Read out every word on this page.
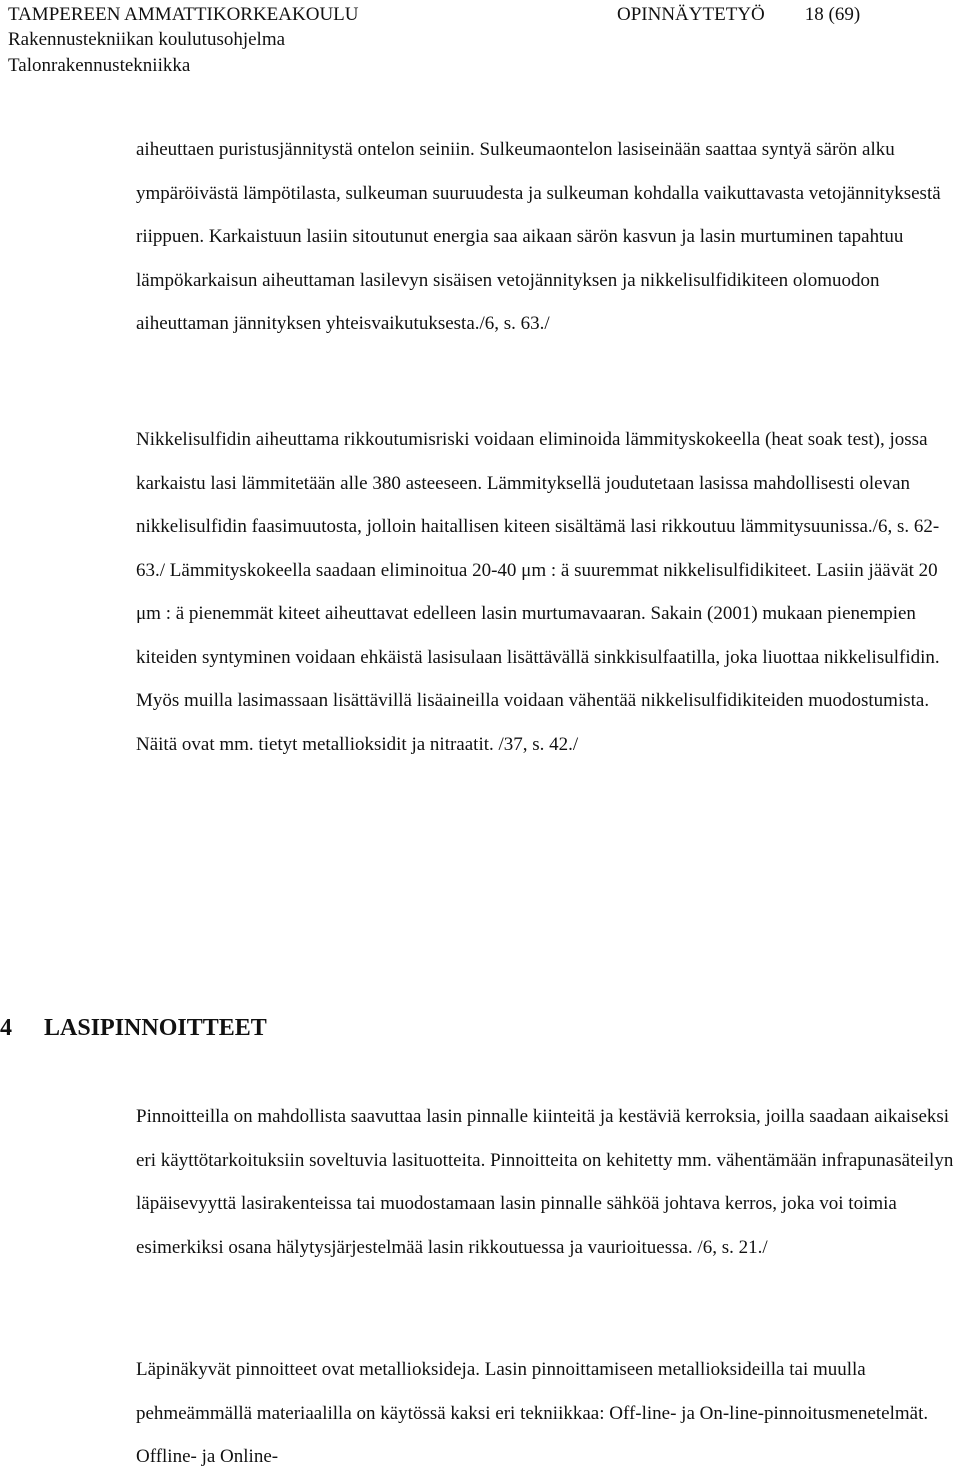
TAMPEREEN AMMATTIKORKEAKOULU	OPINNÄYTETYÖ 18 (69)
Rakennustekniikan koulutusohjelma
Talonrakennustekniikka

aiheuttaen puristusjännitystä ontelon seiniin. Sulkeumaontelon lasiseinään saattaa syntyä särön alku ympäröivästä lämpötilasta, sulkeuman suuruudesta ja sulkeuman kohdalla vaikuttavasta vetojännityksestä riippuen. Karkaistuun lasiin sitoutunut energia saa aikaan särön kasvun ja lasin murtuminen tapahtuu lämpökarkaisun aiheuttaman lasilevyn sisäisen vetojännityksen ja nikkelisulfidikiteen olomuodon aiheuttaman jännityksen yhteisvaikutuksesta./6, s. 63./

Nikkelisulfidin aiheuttama rikkoutumisriski voidaan eliminoida lämmityskokeella (heat soak test), jossa karkaistu lasi lämmitetään alle 380 asteeseen. Lämmityksellä joudutetaan lasissa mahdollisesti olevan nikkelisulfidin faasimuutosta, jolloin haitallisen kiteen sisältämä lasi rikkoutuu lämmitysuunissa./6, s. 62-63./ Lämmityskokeella saadaan eliminoitua 20-40 μm : ä suuremmat nikkelisulfidikiteet. Lasiin jäävät 20 μm : ä pienemmät kiteet aiheuttavat edelleen lasin murtumavaaran. Sakain (2001) mukaan pienempien kiteiden syntyminen voidaan ehkäistä lasisulaan lisättävällä sinkkisulfaatilla, joka liuottaa nikkelisulfidin. Myös muilla lasimassaan lisättävillä lisäaineilla voidaan vähentää nikkelisulfidikiteiden muodostumista. Näitä ovat mm. tietyt metallioksidit ja nitraatit. /37, s. 42./

4 LASIPINNOITTEET

Pinnoitteilla on mahdollista saavuttaa lasin pinnalle kiinteitä ja kestäviä kerroksia, joilla saadaan aikaiseksi eri käyttötarkoituksiin soveltuvia lasituotteita. Pinnoitteita on kehitetty mm. vähentämään infrapunasäteilyn läpäisevyyttä lasirakenteissa tai muodostamaan lasin pinnalle sähköä johtava kerros, joka voi toimia esimerkiksi osana hälytysjärjestelmää lasin rikkoutuessa ja vaurioituessa. /6, s. 21./

Läpinäkyvät pinnoitteet ovat metallioksideja. Lasin pinnoittamiseen metallioksideilla tai muulla pehmeämmällä materiaalilla on käytössä kaksi eri tekniikkaa: Off-line- ja On-line-pinnoitusmenetelmät. Offline- ja Online-
